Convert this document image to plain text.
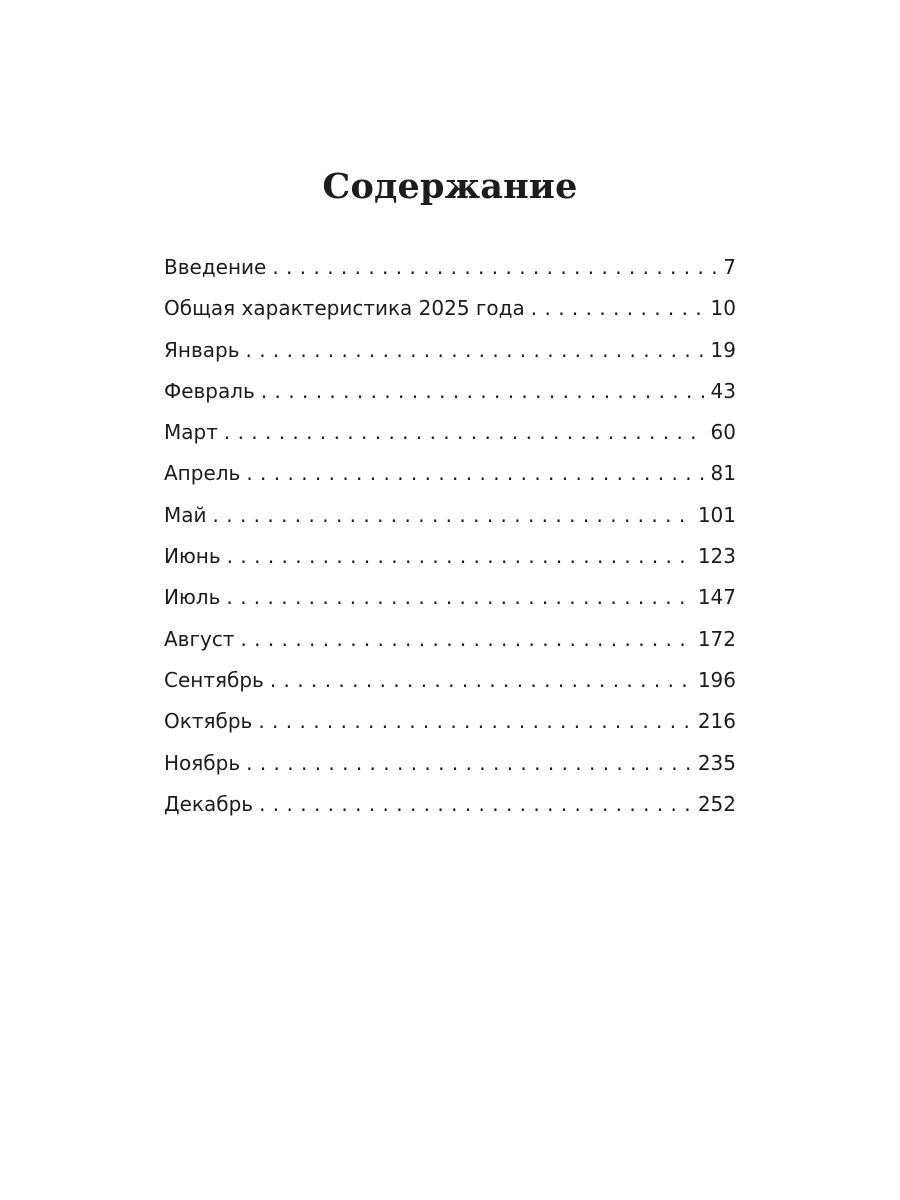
Содержание
Введение . . .	7
Общая характеристика 2025 года . . .	10
Январь . . .	19
Февраль . . .	43
Март . . .	60
Апрель . . .	81
Май . . .	101
Июнь . . .	123
Июль . . .	147
Август . . .	172
Сентябрь . . .	196
Октябрь . . .	216
Ноябрь . . .	235
Декабрь . . .	252
